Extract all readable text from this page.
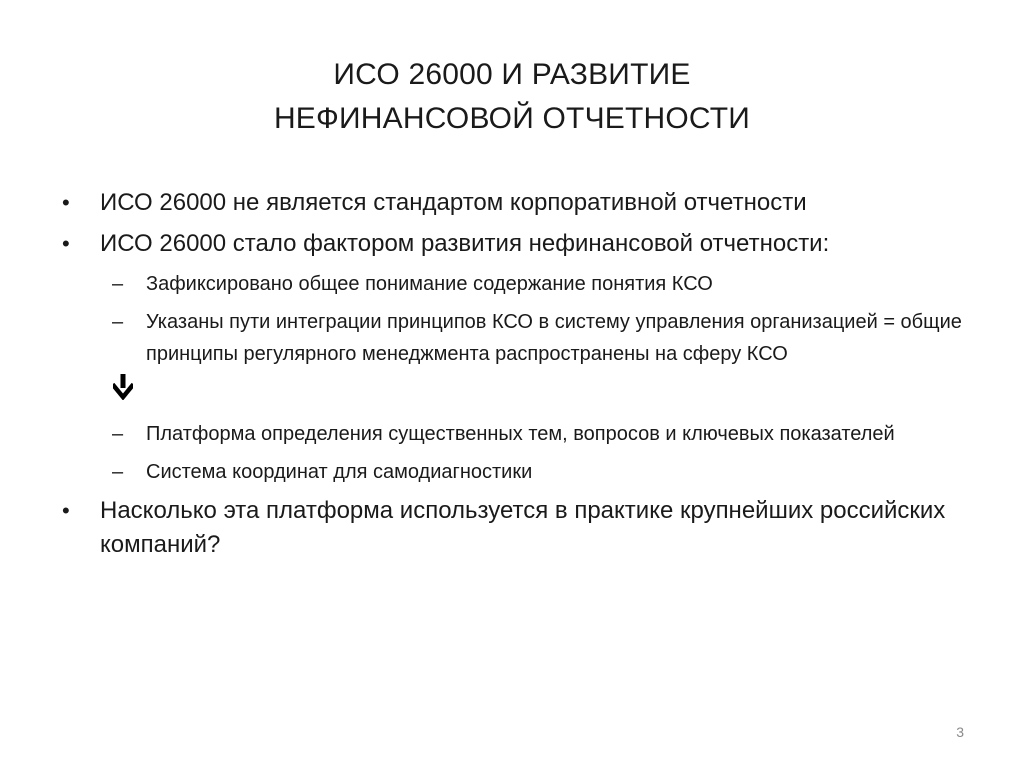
ИСО 26000 И РАЗВИТИЕ
НЕФИНАНСОВОЙ ОТЧЕТНОСТИ
• ИСО 26000 не является стандартом корпоративной отчетности
• ИСО 26000 стало фактором развития нефинансовой отчетности:
– Зафиксировано общее понимание содержание понятия КСО
– Указаны пути интеграции принципов КСО в систему управления организацией = общие принципы регулярного менеджмента распространены на сферу КСО
– Платформа определения существенных тем, вопросов и ключевых показателей
– Система координат для самодиагностики
• Насколько эта платформа используется в практике крупнейших российских компаний?
3
